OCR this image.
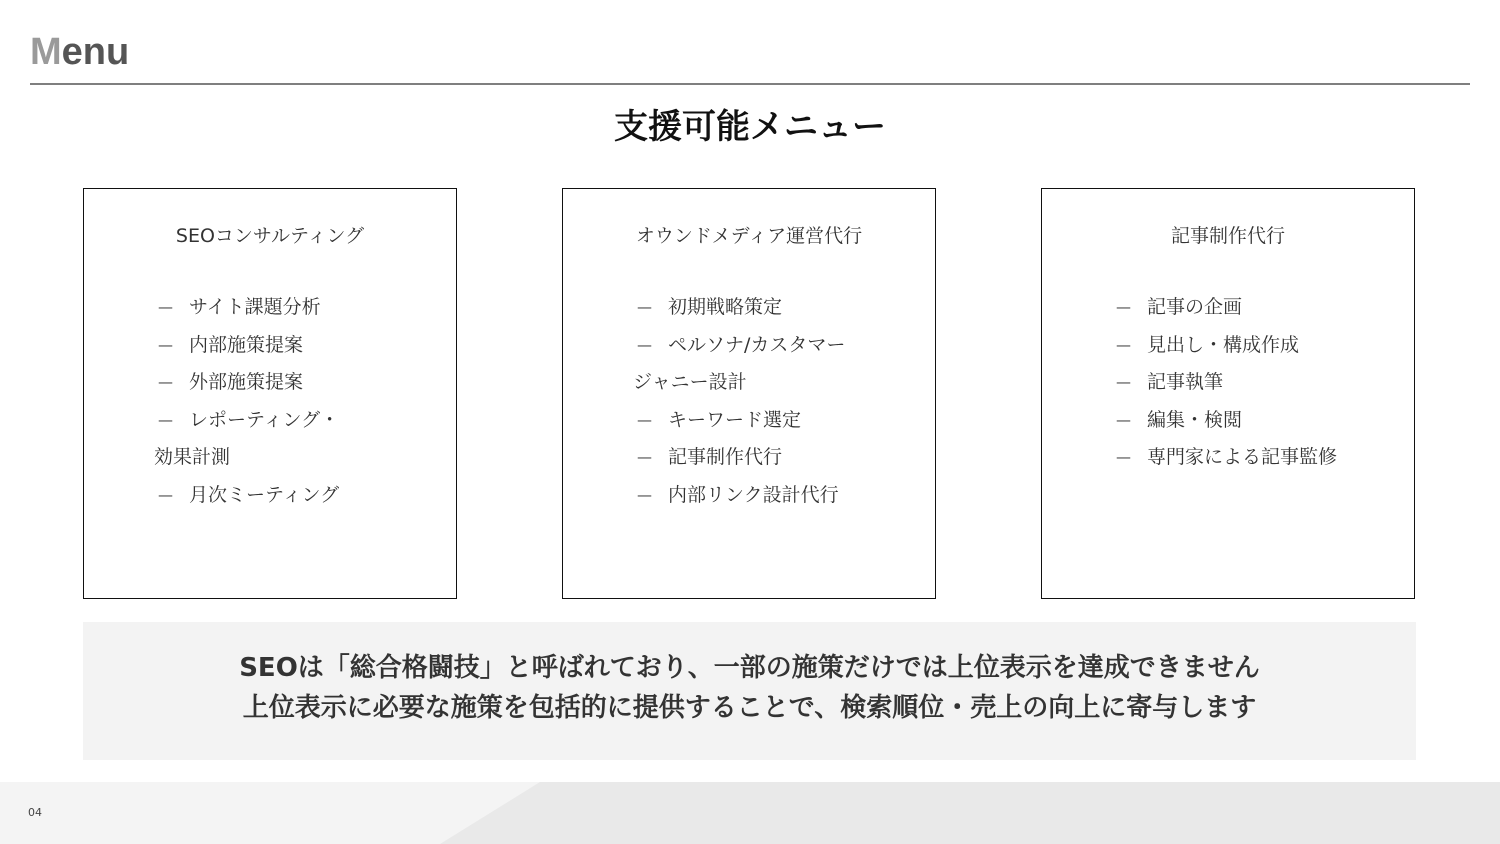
Menu
支援可能メニュー
SEOコンサルティング
— サイト課題分析
— 内部施策提案
— 外部施策提案
— レポーティング・
効果計測
— 月次ミーティング
オウンドメディア運営代行
— 初期戦略策定
— ペルソナ/カスタマー
ジャニー設計
— キーワード選定
— 記事制作代行
— 内部リンク設計代行
記事制作代行
— 記事の企画
— 見出し・構成作成
— 記事執筆
— 編集・検閲
— 専門家による記事監修
SEOは「総合格闘技」と呼ばれており、一部の施策だけでは上位表示を達成できません
上位表示に必要な施策を包括的に提供することで、検索順位・売上の向上に寄与します
04
